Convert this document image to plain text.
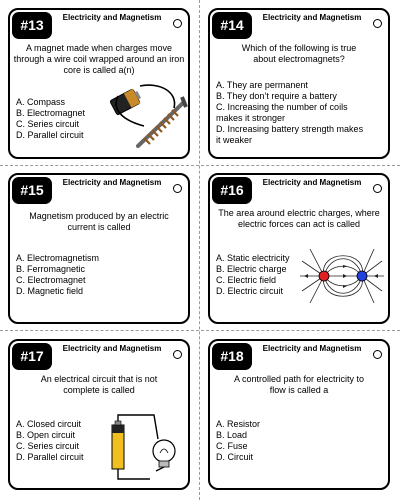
#13	Electricity and Magnetism
A magnet made when charges move through a wire coil wrapped around an iron core is called a(n)
A. Compass
B. Electromagnet
C. Series circuit
D. Parallel circuit
#14	Electricity and Magnetism
Which of the following is true about electromagnets?
A. They are permanent
B. They don’t require a battery
C. Increasing the number of coils makes it stronger
D. Increasing battery strength makes it weaker
#15	Electricity and Magnetism
Magnetism produced by an electric current is called
A. Electromagnetism
B. Ferromagnetic
C. Electromagnet
D. Magnetic field
#16	Electricity and Magnetism
The area around electric charges, where electric forces can act is called
A. Static electricity
B. Electric charge
C. Electric field
D. Electric circuit
#17	Electricity and Magnetism
An electrical circuit that is not complete is called
A. Closed circuit
B. Open circuit
C. Series circuit
D. Parallel circuit
#18	Electricity and Magnetism
A controlled path for electricity to flow is called a
A. Resistor
B. Load
C. Fuse
D. Circuit
